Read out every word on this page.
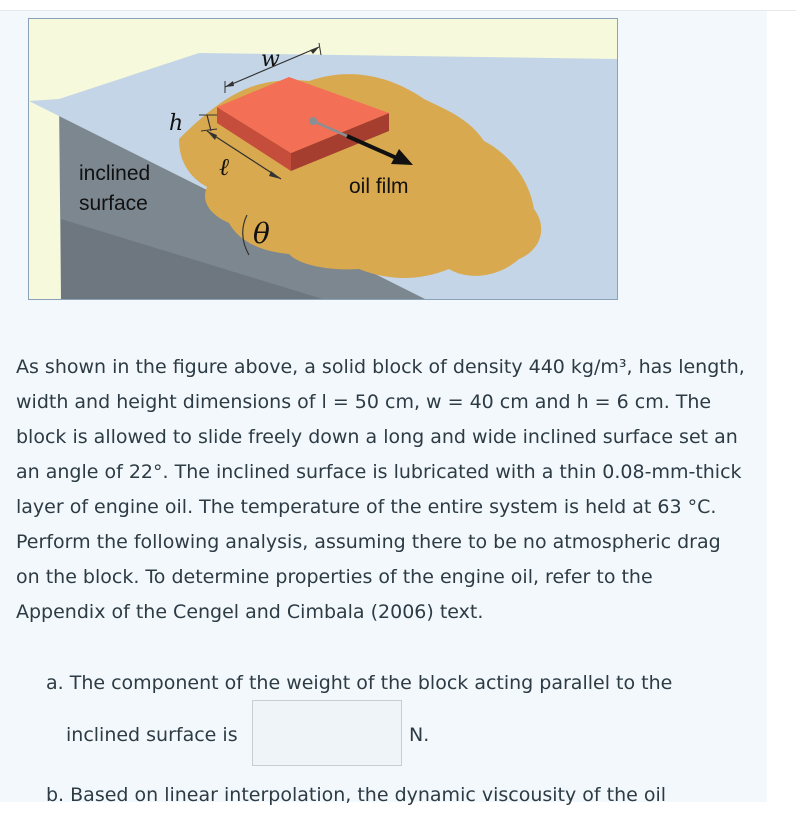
inclined
surface
oil film
w
h
ℓ
θ

As shown in the figure above, a solid block of density 440 kg/m³, has length, width and height dimensions of l = 50 cm, w = 40 cm and h = 6 cm. The block is allowed to slide freely down a long and wide inclined surface set an an angle of 22°. The inclined surface is lubricated with a thin 0.08-mm-thick layer of engine oil. The temperature of the entire system is held at 63 °C. Perform the following analysis, assuming there to be no atmospheric drag on the block. To determine properties of the engine oil, refer to the Appendix of the Cengel and Cimbala (2006) text.

a. The component of the weight of the block acting parallel to the
inclined surface is	N.
b. Based on linear interpolation, the dynamic viscousity of the oil
